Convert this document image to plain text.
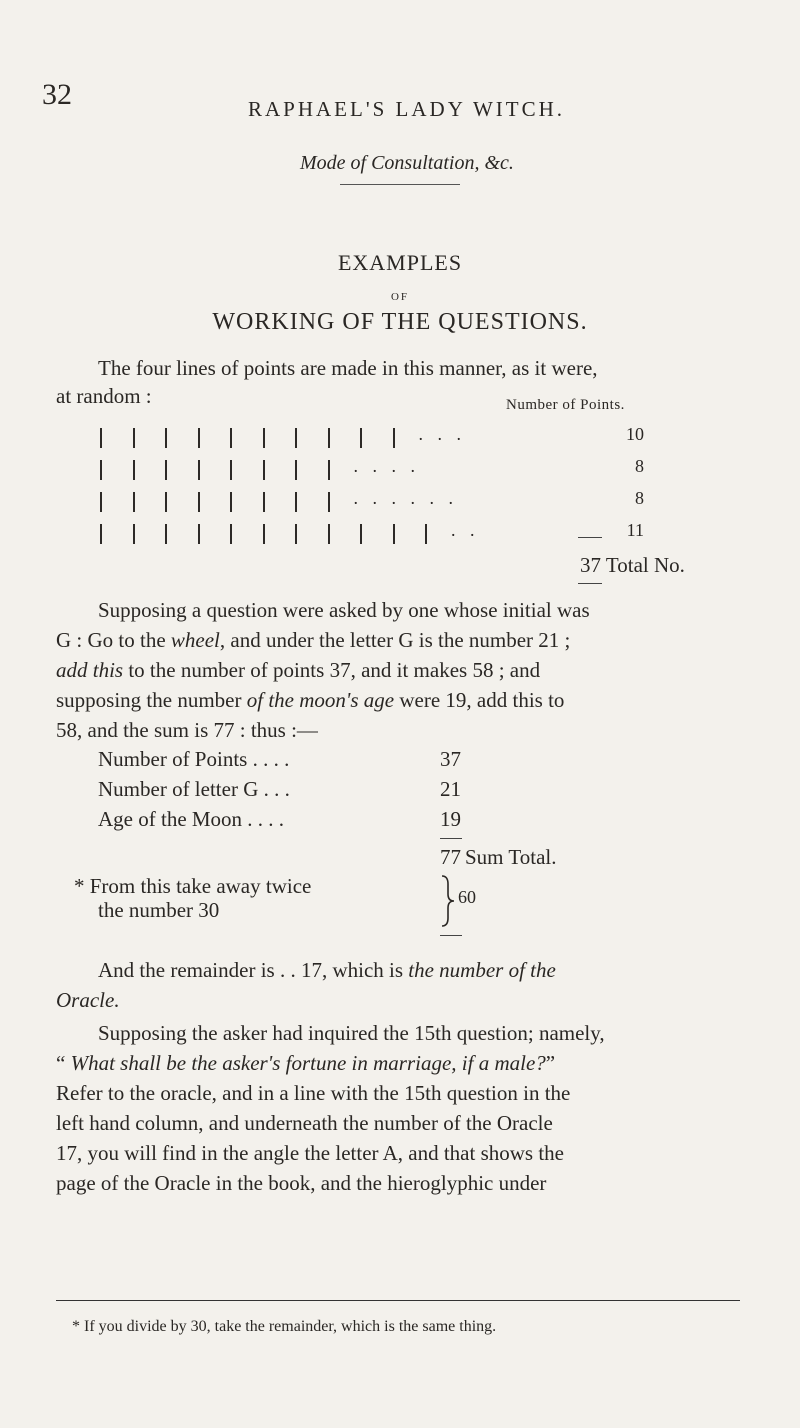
32	RAPHAEL'S LADY WITCH.
Mode of Consultation, &c.
EXAMPLES
OF
WORKING OF THE QUESTIONS.
The four lines of points are made in this manner, as it were,
at random :	Number of Points.
. . .	10
. . . .	8
. . . . . .	8
. .	11
37 Total No.
Supposing a question were asked by one whose initial was
G : Go to the wheel, and under the letter G is the number 21 ;
add this to the number of points 37, and it makes 58 ; and
supposing the number of the moon's age were 19, add this to
58, and the sum is 77 : thus :—
Number of Points . . . .	37
Number of letter G . . .	21
Age of the Moon . . . .	19
77 Sum Total.
* From this take away twice
the number 30
60
And the remainder is . . 17, which is the number of the
Oracle.
Supposing the asker had inquired the 15th question; namely,
“ What shall be the asker's fortune in marriage, if a male?”
Refer to the oracle, and in a line with the 15th question in the
left hand column, and underneath the number of the Oracle
17, you will find in the angle the letter A, and that shows the
page of the Oracle in the book, and the hieroglyphic under
* If you divide by 30, take the remainder, which is the same thing.
